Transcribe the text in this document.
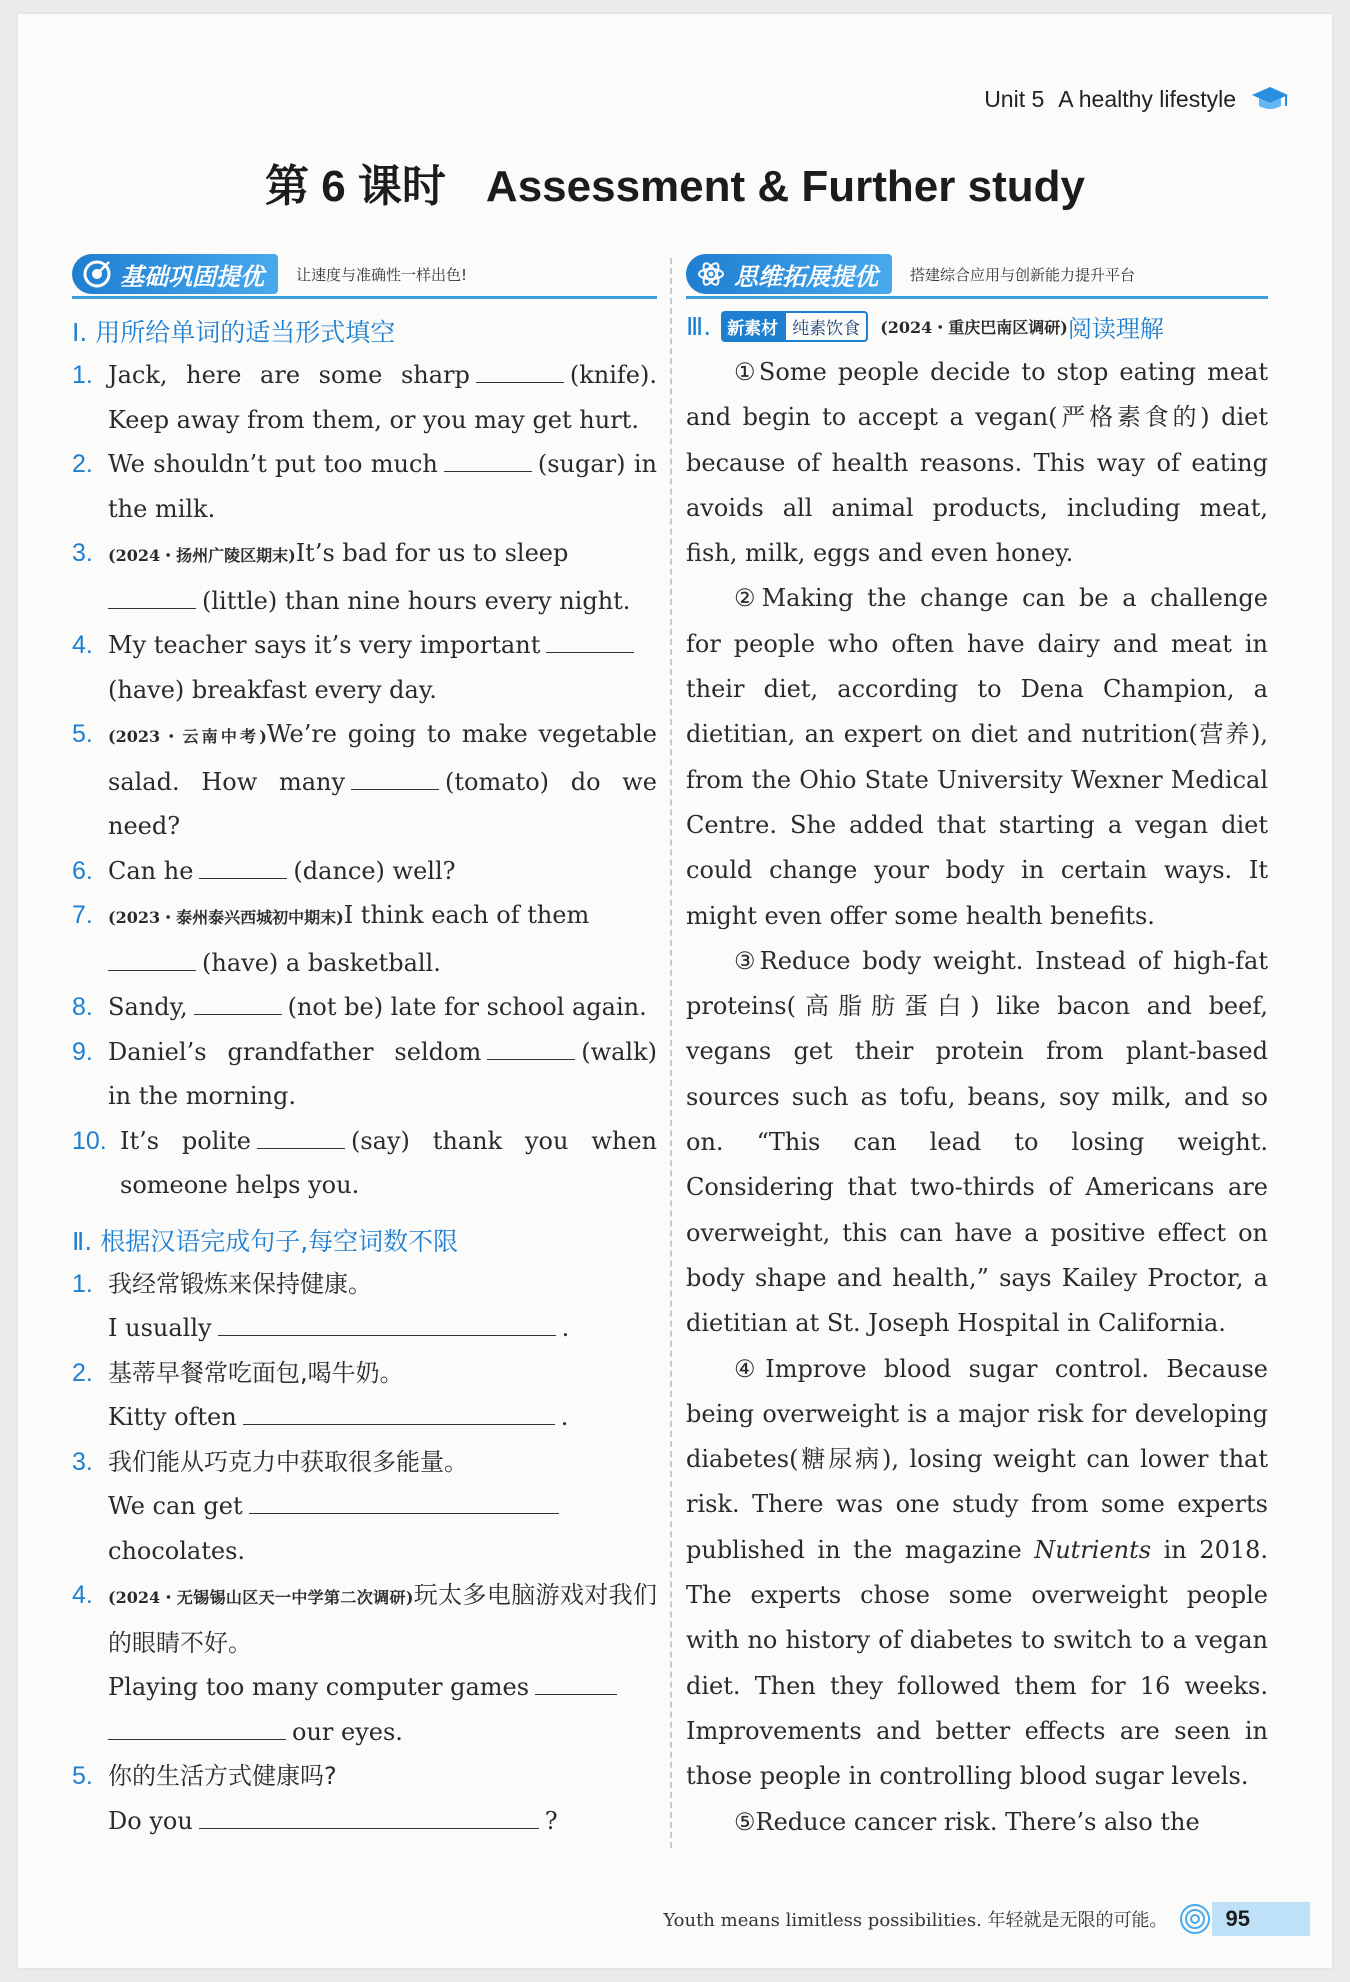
Unit 5 A healthy lifestyle
第 6 课时 Assessment & Further study
基础巩固提优 让速度与准确性一样出色!
Ⅰ. 用所给单词的适当形式填空
1. Jack, here are some sharp	(knife). Keep away from them, or you may get hurt.
2. We shouldn’t put too much	(sugar) in the milk.
3. (2024・扬州广陵区期末)It’s bad for us to sleep
(little) than nine hours every night.
4. My teacher says it’s very important
(have) breakfast every day.
5. (2023・云南中考)We’re going to make vegetable salad. How many	(tomato) do we need?
6. Can he	(dance) well?
7. (2023・泰州泰兴西城初中期末)I think each of them
(have) a basketball.
8. Sandy,	(not be) late for school again.
9. Daniel’s grandfather seldom	(walk) in the morning.
10. It’s polite	(say) thank you when someone helps you.
Ⅱ. 根据汉语完成句子,每空词数不限
1. 我经常锻炼来保持健康。
I usually	.
2. 基蒂早餐常吃面包,喝牛奶。
Kitty often	.
3. 我们能从巧克力中获取很多能量。
We can get
chocolates.
4. (2024・无锡锡山区天一中学第二次调研)玩太多电脑游戏对我们的眼睛不好。
Playing too many computer games
our eyes.
5. 你的生活方式健康吗?
Do you	?
思维拓展提优 搭建综合应用与创新能力提升平台
Ⅲ. 新素材 纯素饮食	(2024・重庆巴南区调研) 阅读理解

①Some people decide to stop eating meat and begin to accept a vegan(严格素食的) diet because of health reasons. This way of eating avoids all animal products, including meat, fish, milk, eggs and even honey.

②Making the change can be a challenge for people who often have dairy and meat in their diet, according to Dena Champion, a dietitian, an expert on diet and nutrition(营养), from the Ohio State University Wexner Medical Centre. She added that starting a vegan diet could change your body in certain ways. It might even offer some health benefits.

③Reduce body weight. Instead of high-fat proteins(高脂肪蛋白) like bacon and beef, vegans get their protein from plant-based sources such as tofu, beans, soy milk, and so on. “This can lead to losing weight. Considering that two-thirds of Americans are overweight, this can have a positive effect on body shape and health,” says Kailey Proctor, a dietitian at St. Joseph Hospital in California.

④Improve blood sugar control. Because being overweight is a major risk for developing diabetes(糖尿病), losing weight can lower that risk. There was one study from some experts published in the magazine Nutrients in 2018. The experts chose some overweight people with no history of diabetes to switch to a vegan diet. Then they followed them for 16 weeks. Improvements and better effects are seen in those people in controlling blood sugar levels.

⑤Reduce cancer risk. There’s also the

Youth means limitless possibilities. 年轻就是无限的可能。	95
